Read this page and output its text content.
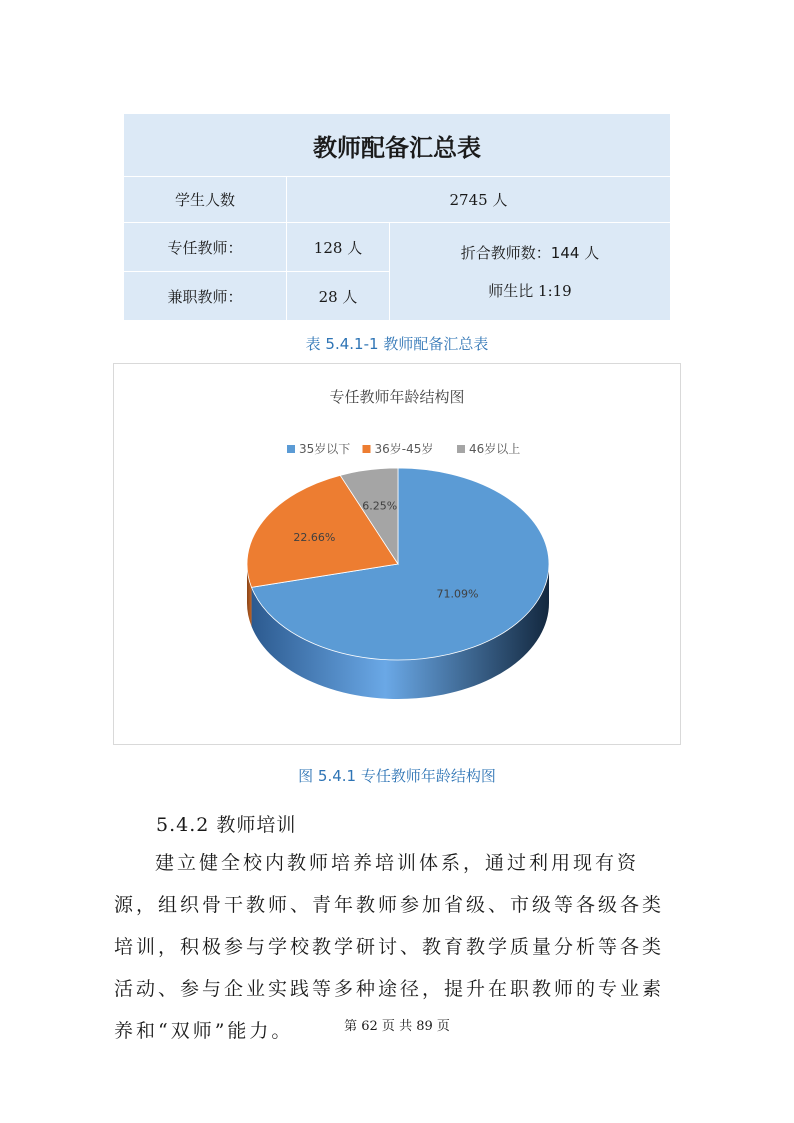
教师配备汇总表		
学生人数	2745 人	
专任教师：	128 人	折合教师数：144 人
师生比 1:19

兼职教师：	28 人	
表 5.4.1-1 教师配备汇总表
专任教师年龄结构图
35岁以下 36岁-45岁	46岁以上
71.09%
22.66%
6.25%
图 5.4.1 专任教师年龄结构图
5.4.2 教师培训

建立健全校内教师培养培训体系，通过利用现有资源，组织骨干教师、青年教师参加省级、市级等各级各类培训，积极参与学校教学研讨、教育教学质量分析等各类活动、参与企业实践等多种途径，提升在职教师的专业素养和“双师”能力。	第 62 页 共 89 页
